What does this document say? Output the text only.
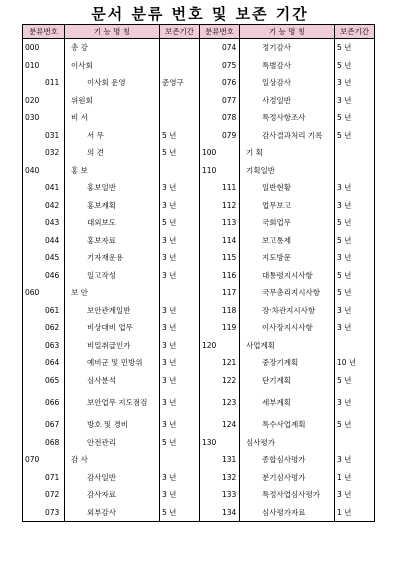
문서 분류 번호 및 보존 기간
분류번호	기 능 명 칭	보존기간	분류번호	기 능 명 칭	보존기간
000	총 강		074	정기감사	5 년
010	이사회		075	특별감사	5 년
011	이사회 운영	준영구	076	일상감사	3 년
020	위원회		077	사정일반	3 년
030	비 서		078	특정사항조사	5 년
031	서 무	5 년	079	감사결과처리 기록	5 년
032	의 견	5 년	100	기 획	
040	홍 보		110	기획일반	
041	홍보일반	3 년	111	일반현황	3 년
042	홍보계획	3 년	112	업무보고	3 년
043	대외보도	5 년	113	국회업무	5 년
044	홍보자료	3 년	114	보고통제	5 년
045	기자재운용	3 년	115	지도방문	3 년
046	일고작성	3 년	116	대통령지시사항	5 년
060	보 안		117	국무총리지시사항	5 년
061	보안관계일반	3 년	118	장·차관지시사항	3 년
062	비상대비 업무	3 년	119	이사장지시사항	3 년
063	비밀취급인가	3 년	120	사업계획	
064	예비군 및 민방위	3 년	121	중장기계획	10 년
065	심사분석	3 년	122	단기계획	5 년
066	보안업무 지도점검	3 년	123	세부계획	3 년
067	방호 및 경비	3 년	124	특수사업계획	5 년
068	안전관리	5 년	130	심사평가	
070	감 사		131	종합심사평가	3 년
071	감사일반	3 년	132	분기심사평가	1 년
072	감사자료	3 년	133	특정사업심사평가	3 년
073	외부감사	5 년	134	심사평가자료	1 년
